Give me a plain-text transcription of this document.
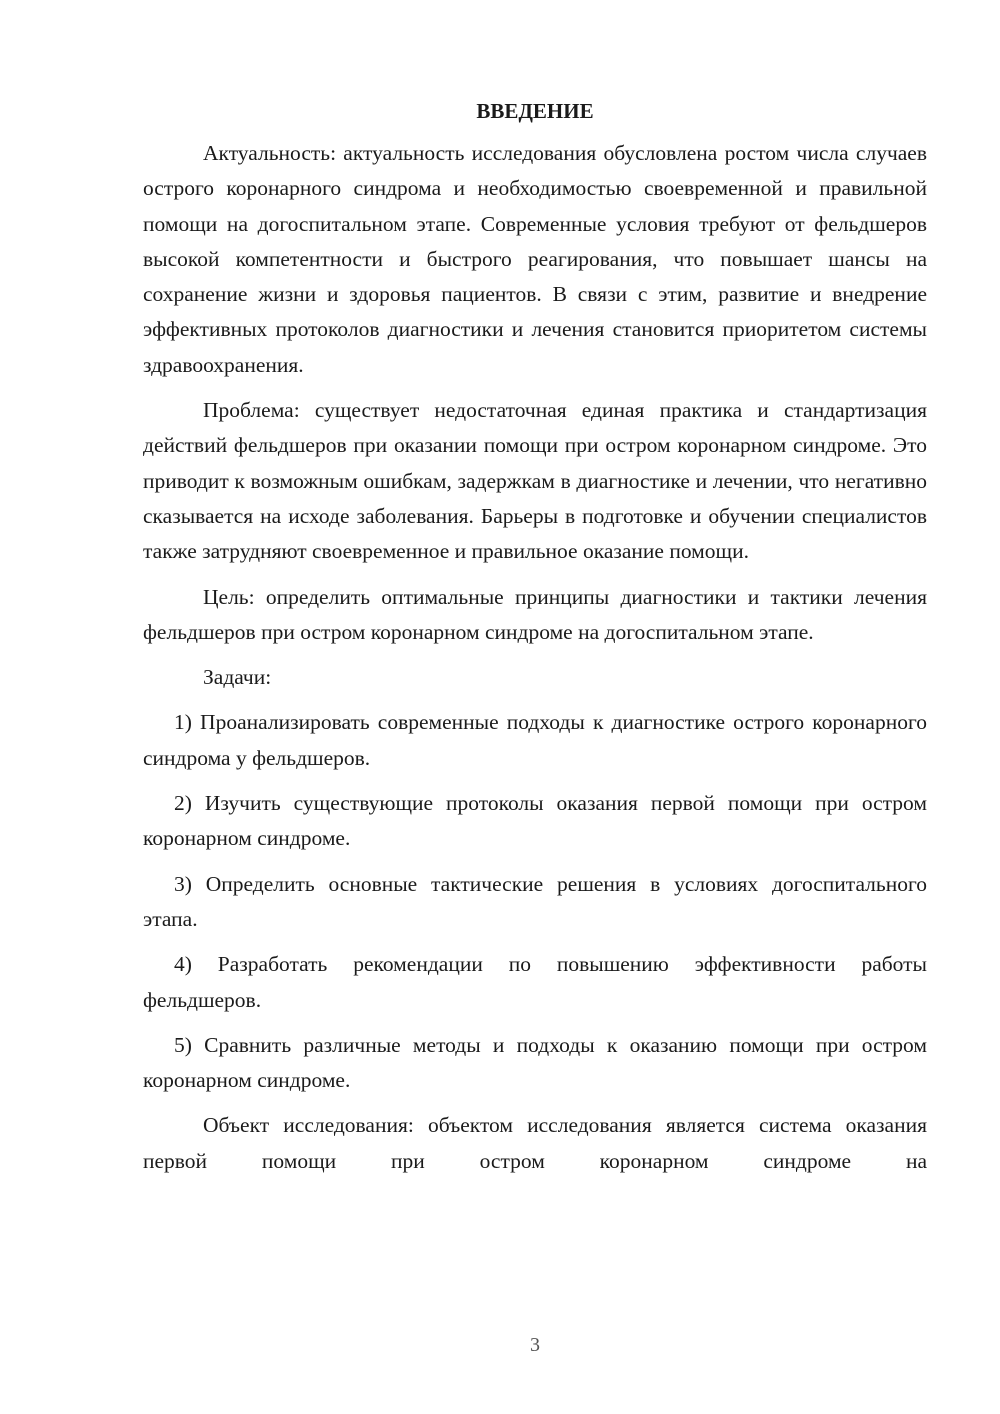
ВВЕДЕНИЕ

Актуальность: актуальность исследования обусловлена ростом числа случаев острого коронарного синдрома и необходимостью своевременной и правильной помощи на догоспитальном этапе. Современные условия требуют от фельдшеров высокой компетентности и быстрого реагирования, что повышает шансы на сохранение жизни и здоровья пациентов. В связи с этим, развитие и внедрение эффективных протоколов диагностики и лечения становится приоритетом системы здравоохранения.

Проблема: существует недостаточная единая практика и стандартизация действий фельдшеров при оказании помощи при остром коронарном синдроме. Это приводит к возможным ошибкам, задержкам в диагностике и лечении, что негативно сказывается на исходе заболевания. Барьеры в подготовке и обучении специалистов также затрудняют своевременное и правильное оказание помощи.

Цель: определить оптимальные принципы диагностики и тактики лечения фельдшеров при остром коронарном синдроме на догоспитальном этапе.

Задачи:

1) Проанализировать современные подходы к диагностике острого коронарного синдрома у фельдшеров.

2) Изучить существующие протоколы оказания первой помощи при остром коронарном синдроме.

3) Определить основные тактические решения в условиях догоспитального этапа.

4) Разработать рекомендации по повышению эффективности работы фельдшеров.

5) Сравнить различные методы и подходы к оказанию помощи при остром коронарном синдроме.

Объект исследования: объектом исследования является система оказания первой помощи при остром коронарном синдроме на

3
